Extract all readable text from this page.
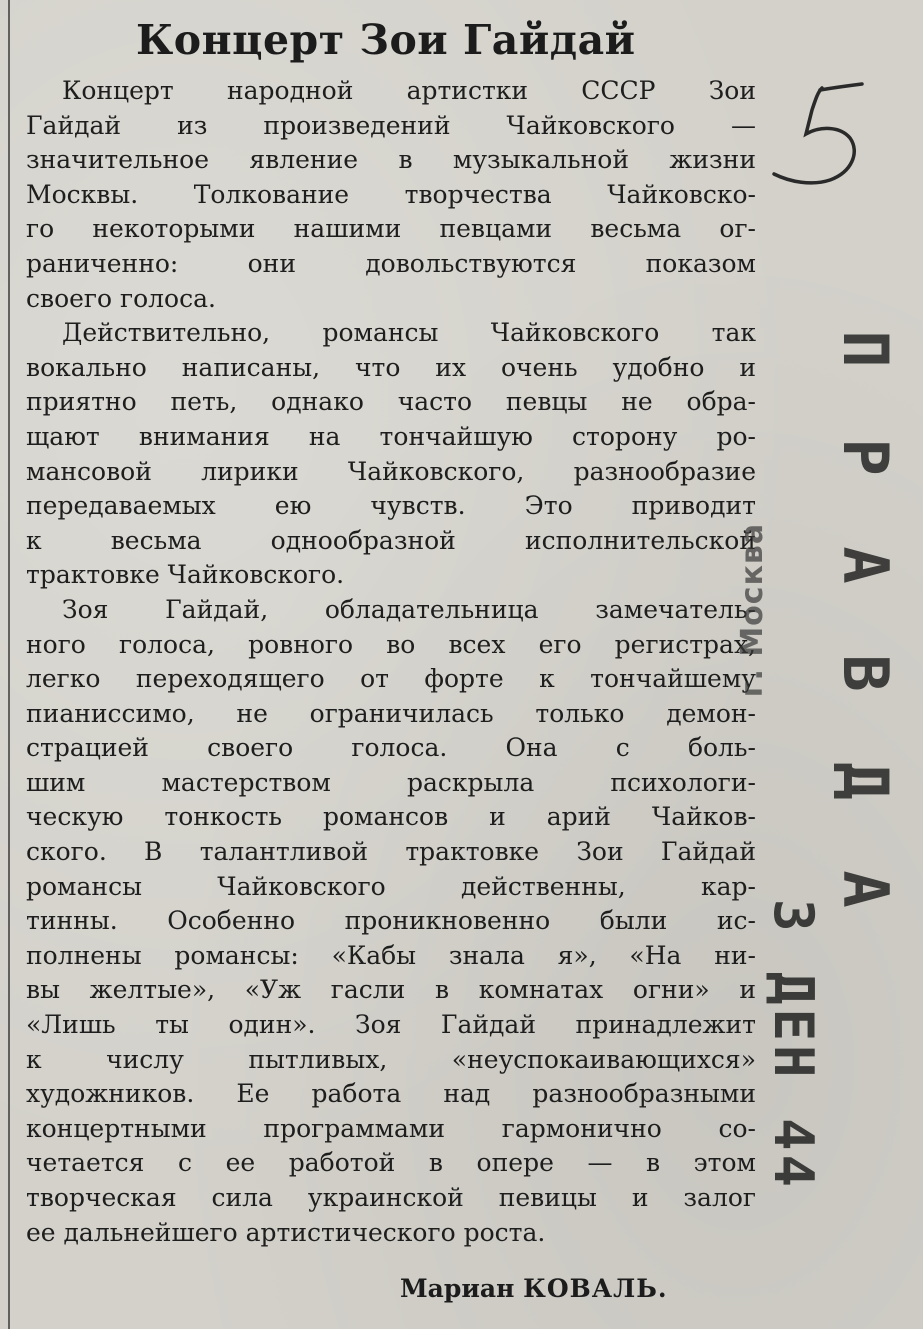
Концерт Зои Гайдай
Концерт народной артистки СССР Зои
Гайдай из произведений Чайковского —
значительное явление в музыкальной жизни
Москвы. Толкование творчества Чайковско-
го некоторыми нашими певцами весьма ог-
раниченно: они довольствуются показом
своего голоса.
Действительно, романсы Чайковского так
вокально написаны, что их очень удобно и
приятно петь, однако часто певцы не обра-
щают внимания на тончайшую сторону ро-
мансовой лирики Чайковского, разнообразие
передаваемых ею чувств. Это приводит
к весьма однообразной исполнительской
трактовке Чайковского.
Зоя Гайдай, обладательница замечатель-
ного голоса, ровного во всех его регистрах,
легко переходящего от форте к тончайшему
пианиссимо, не ограничилась только демон-
страцией своего голоса. Она с боль-
шим мастерством раскрыла психологи-
ческую тонкость романсов и арий Чайков-
ского. В талантливой трактовке Зои Гайдай
романсы Чайковского действенны, кар-
тинны. Особенно проникновенно были ис-
полнены романсы: «Кабы знала я», «На ни-
вы желтые», «Уж гасли в комнатах огни» и
«Лишь ты один». Зоя Гайдай принадлежит
к числу пытливых, «неуспокаивающихся»
художников. Ее работа над разнообразными
концертными программами гармонично со-
четается с ее работой в опере — в этом
творческая сила украинской певицы и залог
ее дальнейшего артистического роста.
Мариан КОВАЛЬ.
П
Р
А
В
Д
А
г. Москва
3 ДЕН 44
